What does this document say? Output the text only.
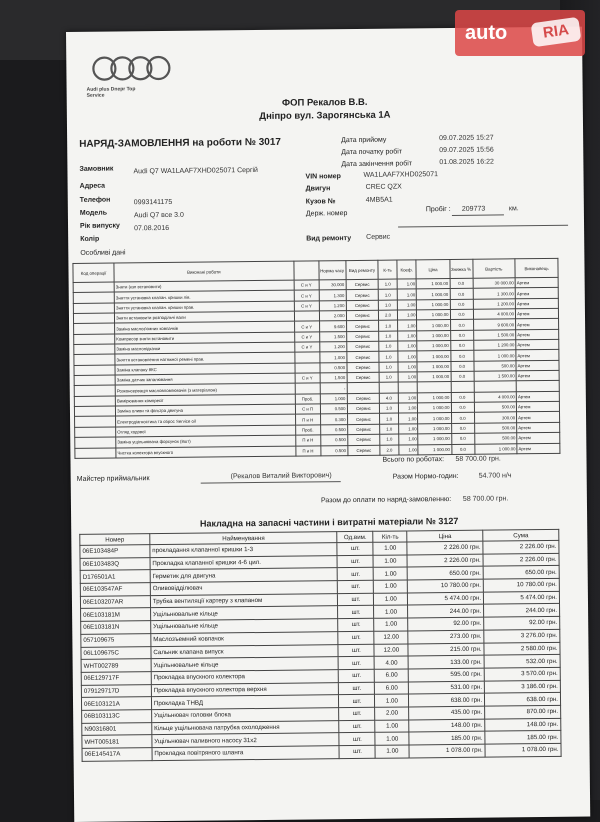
Audi plus Dnepr Top Service
ФОП Рекалов В.В.
Дніпро вул. Зарогянська 1А
НАРЯД-ЗАМОВЛЕННЯ на роботи № 3017	Дата прийому	09.07.2025 15:27
Дата початку робіт	09.07.2025 15:56
Дата закінчення робіт	01.08.2025 16:22
Замовник	Audi Q7 WA1LAAF7XHD025071 Сергій
VIN номер	WA1LAAF7XHD025071
Адреса	Двигун	CREC QZX
Телефон	0993141175	Кузов №	4MB5A1
Модель	Audi Q7 все 3.0	Держ. номер
Пробіг : 209773	км.
Рік випуску 07.08.2016
Колір	Вид ремонту Сервис
Особливі дані
Код операції	Виконані роботи		Норма часу	Вид ремонту	К-ть	Коеф.	Ціна	Знижка %	Вартість	Виконавець
	Зняти (кзп встановити)	C и Y	30.000	Сервис	1.0	1.00	1 000.00	0.0	30 000.00	Артем
	Зняття установка клапан. кришки лів.	C и Y	1.300	Сервис	1.0	1.00	1 000.00	0.0	1 300.00	Артем
	Зняття установка клапан. кришки прав.	C и Y	1.200	Сервис	1.0	1.00	1 000.00	0.0	1 200.00	Артем
	Зняти встановити розподільчі вали		2.000	Сервис	2.0	1.00	1 000.00	0.0	4 000.00	Артем
	Заміна маслоз'ємних ковпачків	C и Y	9.600	Сервис	1.0	1.00	1 000.00	0.0	9 600.00	Артем
	Компресор зняти встановити	C и Y	1.500	Сервис	1.0	1.00	1 000.00	0.0	1 500.00	Артем
	Заміна маслопідкачки	C и Y	1.200	Сервис	1.0	1.00	1 000.00	0.0	1 200.00	Артем
	Зняття встановлення натяжної ремені прав.		1.000	Сервис	1.0	1.00	1 000.00	0.0	1 000.00	Артем
	Заміна клапану 8КС		0.500	Сервис	1.0	1.00	1 000.00	0.0	500.00	Артем
	Заміна датчик запалювання	C и Y	1.500	Сервис	1.0	1.00	1 000.00	0.0	1 500.00	Артем
	Розконсервація масловловлювачів (з матеріалом)		-							
	Вимірювання компресії	Проб.	1.000	Сервис	4.0	1.00	1 000.00	0.0	4 000.00	Артем
	Заміна оливи та фільтра двигуна	C и П	0.500	Сервис	1.0	1.00	1 000.00	0.0	500.00	Артем
	Електродіагностика та сброс Service oil	П и Н	0.300	Сервис	1.0	1.00	1 000.00	0.0	300.00	Артем
	Огляд ходової	Проб.	0.500	Сервис	1.0	1.00	1 000.00	0.0	500.00	Артем
	Заміна ущільнювача форсунок (8шт)	П и Н	0.500	Сервис	1.0	1.00	1 000.00	0.0	500.00	Артем
	Чистка колектора впускного	П и Н	0.500	Сервис	2.0	1.00	1 000.00	0.0	1 000.00	Артем
Всього по роботах: 58 700.00 грн.
Майстер приймальник	(Рекалов Виталий Викторович)	Разом Нормо-годин:	54.700 н/ч
Разом до оплати по наряд-замовленню: 58 700.00 грн.
Накладна на запасні частини і витратні матеріали № 3127
Номер	Найменування	Од.вим.	Кіл-ть	Ціна	Сума
06E103484P	прокладання клапанної кришки 1-3	шт.	1.00	2 226.00 грн.	2 226.00 грн.
06E103483Q	Прокладка клапанної кришки 4-6 цил.	шт.	1.00	2 226.00 грн.	2 226.00 грн.
D176501A1	Герметик для двигуна	шт.	1.00	650.00 грн.	650.00 грн.
06E103547AF	Оливовідділювач	шт.	1.00	10 780.00 грн.	10 780.00 грн.
06E103207AR	Трубка вентиляції картеру з клапаном	шт.	1.00	5 474.00 грн.	5 474.00 грн.
06E103181M	Ущільнювальне кільце	шт.	1.00	244.00 грн.	244.00 грн.
06E103181N	Ущільнювальне кільце	шт.	1.00	92.00 грн.	92.00 грн.
057109675	Маслозъемний ковпачок	шт.	12.00	273.00 грн.	3 276.00 грн.
06L109675C	Сальник клапана випуск	шт.	12.00	215.00 грн.	2 580.00 грн.
WHT002789	Ущільнювальне кільце	шт.	4.00	133.00 грн.	532.00 грн.
06E129717F	Прокладка впускного колектора	шт.	6.00	595.00 грн.	3 570.00 грн.
079129717D	Прокладка впускного колектора верхня	шт.	6.00	531.00 грн.	3 186.00 грн.
06E103121A	Прокладка ТНВД	шт.	1.00	638.00 грн.	638.00 грн.
06B103113C	Ущільнювач головки блока	шт.	2.00	435.00 грн.	870.00 грн.
N90316801	Кільце ущільнювача патрубка охолодження	шт.	1.00	148.00 грн.	148.00 грн.
WHT005181	Ущільнювач паливного насосу 31х2	шт.	1.00	185.00 грн.	185.00 грн.
06E145417A	Прокладка повітряного шланга	шт.	1.00	1 078.00 грн.	1 078.00 грн.
auto	RIA
